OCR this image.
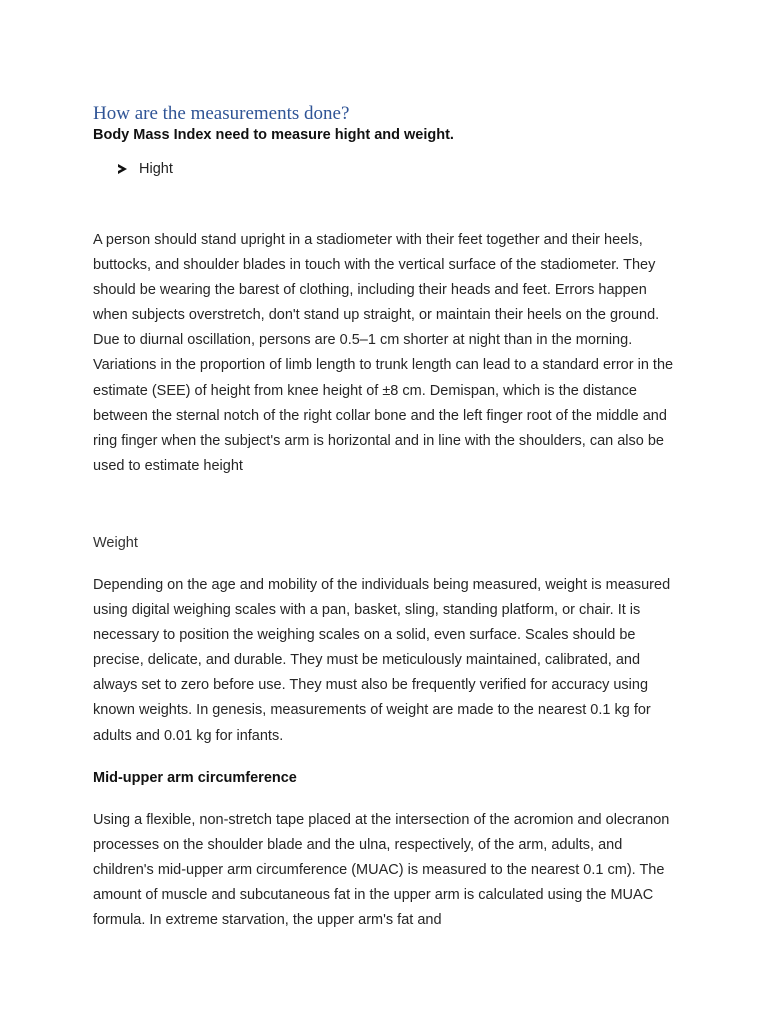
How are the measurements done?

Body Mass Index need to measure hight and weight.

Hight

A person should stand upright in a stadiometer with their feet together and their heels, buttocks, and shoulder blades in touch with the vertical surface of the stadiometer. They should be wearing the barest of clothing, including their heads and feet. Errors happen when subjects overstretch, don't stand up straight, or maintain their heels on the ground. Due to diurnal oscillation, persons are 0.5–1 cm shorter at night than in the morning. Variations in the proportion of limb length to trunk length can lead to a standard error in the estimate (SEE) of height from knee height of ±8 cm. Demispan, which is the distance between the sternal notch of the right collar bone and the left finger root of the middle and ring finger when the subject's arm is horizontal and in line with the shoulders, can also be used to estimate height

Weight

Depending on the age and mobility of the individuals being measured, weight is measured using digital weighing scales with a pan, basket, sling, standing platform, or chair. It is necessary to position the weighing scales on a solid, even surface. Scales should be precise, delicate, and durable. They must be meticulously maintained, calibrated, and always set to zero before use. They must also be frequently verified for accuracy using known weights. In genesis, measurements of weight are made to the nearest 0.1 kg for adults and 0.01 kg for infants.

Mid-upper arm circumference

Using a flexible, non-stretch tape placed at the intersection of the acromion and olecranon processes on the shoulder blade and the ulna, respectively, of the arm, adults, and children's mid-upper arm circumference (MUAC) is measured to the nearest 0.1 cm). The amount of muscle and subcutaneous fat in the upper arm is calculated using the MUAC formula. In extreme starvation, the upper arm's fat and
